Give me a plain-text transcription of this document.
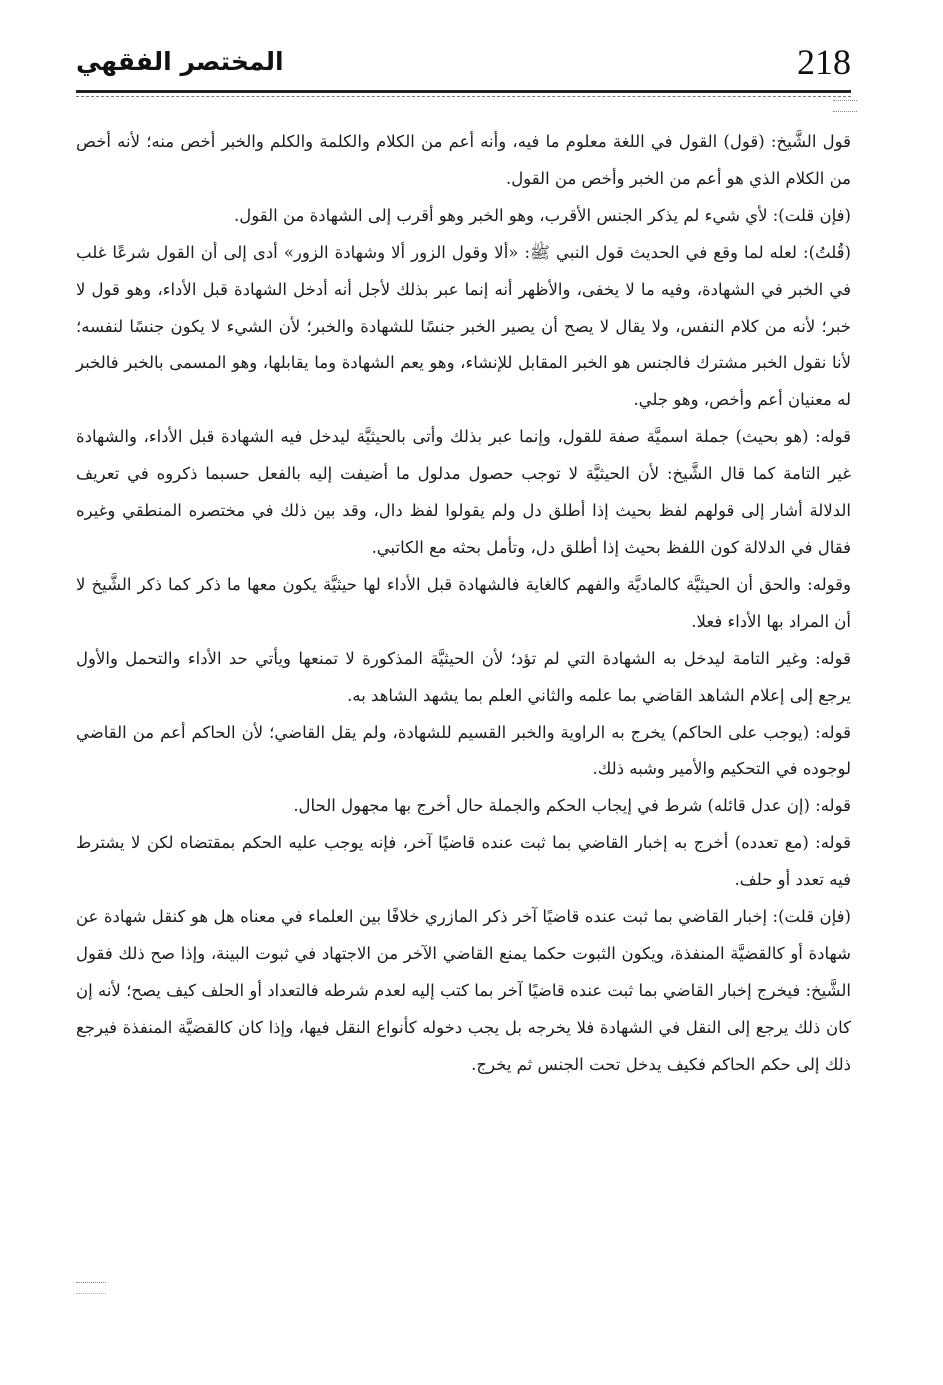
218
المختصر الفقهي

قول الشَّيخ: (قول) القول في اللغة معلوم ما فيه، وأنه أعم من الكلام والكلمة والكلم والخبر أخص منه؛ لأنه أخص من الكلام الذي هو أعم من الخبر وأخص من القول.

(فإن قلت): لأي شيء لم يذكر الجنس الأقرب، وهو الخبر وهو أقرب إلى الشهادة من القول.

(قُلتُ): لعله لما وقع في الحديث قول النبي ﷺ: «ألا وقول الزور ألا وشهادة الزور» أدى إلى أن القول شرعًا غلب في الخبر في الشهادة، وفيه ما لا يخفى، والأظهر أنه إنما عبر بذلك لأجل أنه أدخل الشهادة قبل الأداء، وهو قول لا خبر؛ لأنه من كلام النفس، ولا يقال لا يصح أن يصير الخبر جنسًا للشهادة والخبر؛ لأن الشيء لا يكون جنسًا لنفسه؛ لأنا نقول الخبر مشترك فالجنس هو الخبر المقابل للإنشاء، وهو يعم الشهادة وما يقابلها، وهو المسمى بالخبر فالخبر له معنيان أعم وأخص، وهو جلي.

قوله: (هو بحيث) جملة اسميَّة صفة للقول، وإنما عبر بذلك وأتى بالحيثيَّة ليدخل فيه الشهادة قبل الأداء، والشهادة غير التامة كما قال الشَّيخ: لأن الحيثيَّة لا توجب حصول مدلول ما أضيفت إليه بالفعل حسبما ذكروه في تعريف الدلالة أشار إلى قولهم لفظ بحيث إذا أطلق دل ولم يقولوا لفظ دال، وقد بين ذلك في مختصره المنطقي وغيره فقال في الدلالة كون اللفظ بحيث إذا أطلق دل، وتأمل بحثه مع الكاتبي.

وقوله: والحق أن الحيثيَّة كالماديَّة والفهم كالغاية فالشهادة قبل الأداء لها حيثيَّة يكون معها ما ذكر كما ذكر الشَّيخ لا أن المراد بها الأداء فعلا.

قوله: وغير التامة ليدخل به الشهادة التي لم تؤد؛ لأن الحيثيَّة المذكورة لا تمنعها ويأتي حد الأداء والتحمل والأول يرجع إلى إعلام الشاهد القاضي بما علمه والثاني العلم بما يشهد الشاهد به.

قوله: (يوجب على الحاكم) يخرج به الراوية والخبر القسيم للشهادة، ولم يقل القاضي؛ لأن الحاكم أعم من القاضي لوجوده في التحكيم والأمير وشبه ذلك.

قوله: (إن عدل قائله) شرط في إيجاب الحكم والجملة حال أخرج بها مجهول الحال.

قوله: (مع تعدده) أخرج به إخبار القاضي بما ثبت عنده قاضيًا آخر، فإنه يوجب عليه الحكم بمقتضاه لكن لا يشترط فيه تعدد أو حلف.

(فإن قلت): إخبار القاضي بما ثبت عنده قاضيًا آخر ذكر المازري خلافًا بين العلماء في معناه هل هو كنقل شهادة عن شهادة أو كالقضيَّة المنفذة، ويكون الثبوت حكما يمنع القاضي الآخر من الاجتهاد في ثبوت البينة، وإذا صح ذلك فقول الشَّيخ: فيخرج إخبار القاضي بما ثبت عنده قاضيًا آخر بما كتب إليه لعدم شرطه فالتعداد أو الحلف كيف يصح؛ لأنه إن كان ذلك يرجع إلى النقل في الشهادة فلا يخرجه بل يجب دخوله كأنواع النقل فيها، وإذا كان كالقضيَّة المنفذة فيرجع ذلك إلى حكم الحاكم فكيف يدخل تحت الجنس ثم يخرج.
